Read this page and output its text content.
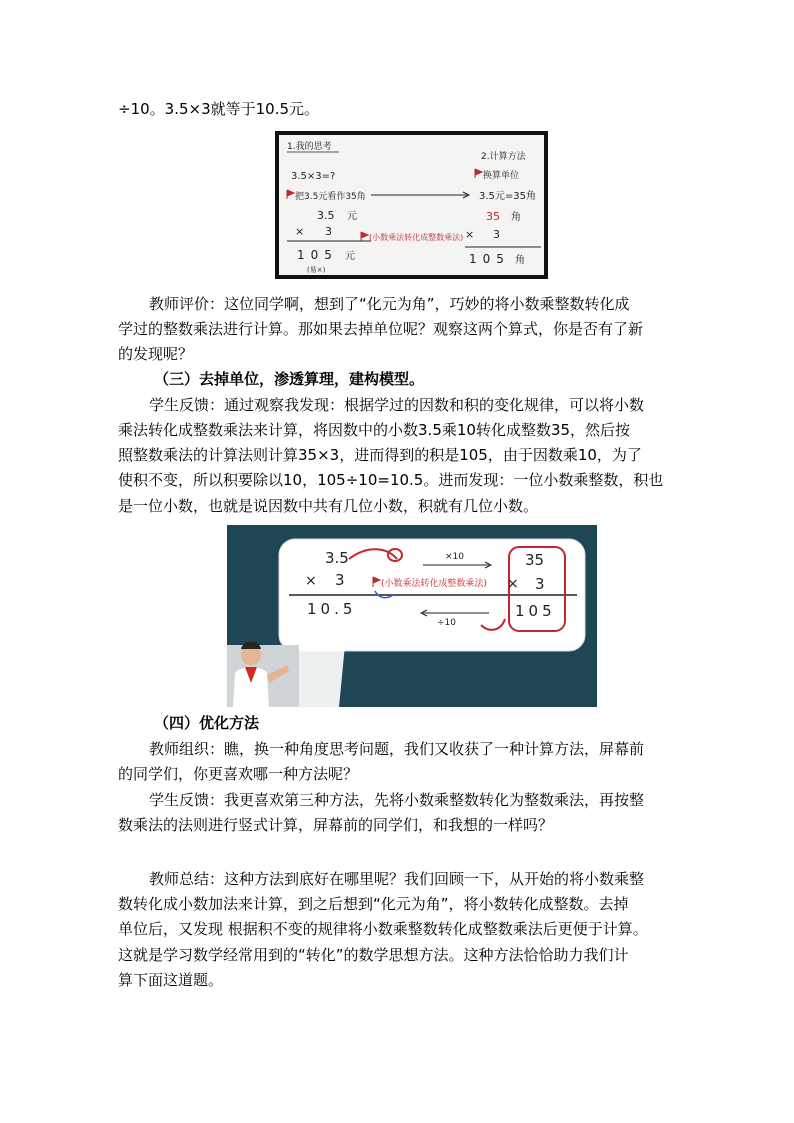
÷10。3.5×3就等于10.5元。
1.我的思考
2.计算方法
3.5×3=?
把3.5元看作35角
换算单位
3.5元=35角
3.5 元
× 3
105 元
(易×)
(小数乘法转化成整数乘法)
35 角
× 3
105 角
教师评价：这位同学啊，想到了“化元为角”，巧妙的将小数乘整数转化成
学过的整数乘法进行计算。那如果去掉单位呢？观察这两个算式，你是否有了新
的发现呢？
（三）去掉单位，渗透算理，建构模型。
学生反馈：通过观察我发现：根据学过的因数和积的变化规律，可以将小数
乘法转化成整数乘法来计算，将因数中的小数3.5乘10转化成整数35，然后按
照整数乘法的计算法则计算35×3，进而得到的积是105，由于因数乘10，为了
使积不变，所以积要除以10，105÷10=10.5。进而发现：一位小数乘整数，积也
是一位小数，也就是说因数中共有几位小数，积就有几位小数。
3.5
× 3
10.5
×10
(小数乘法转化成整数乘法)
÷10
35
× 3
105
（四）优化方法
教师组织：瞧，换一种角度思考问题，我们又收获了一种计算方法，屏幕前
的同学们，你更喜欢哪一种方法呢？
学生反馈：我更喜欢第三种方法，先将小数乘整数转化为整数乘法，再按整
数乘法的法则进行竖式计算，屏幕前的同学们，和我想的一样吗？
教师总结：这种方法到底好在哪里呢？我们回顾一下，从开始的将小数乘整
数转化成小数加法来计算，到之后想到“化元为角”，将小数转化成整数。去掉
单位后，又发现 根据积不变的规律将小数乘整数转化成整数乘法后更便于计算。
这就是学习数学经常用到的“转化”的数学思想方法。这种方法恰恰助力我们计
算下面这道题。
